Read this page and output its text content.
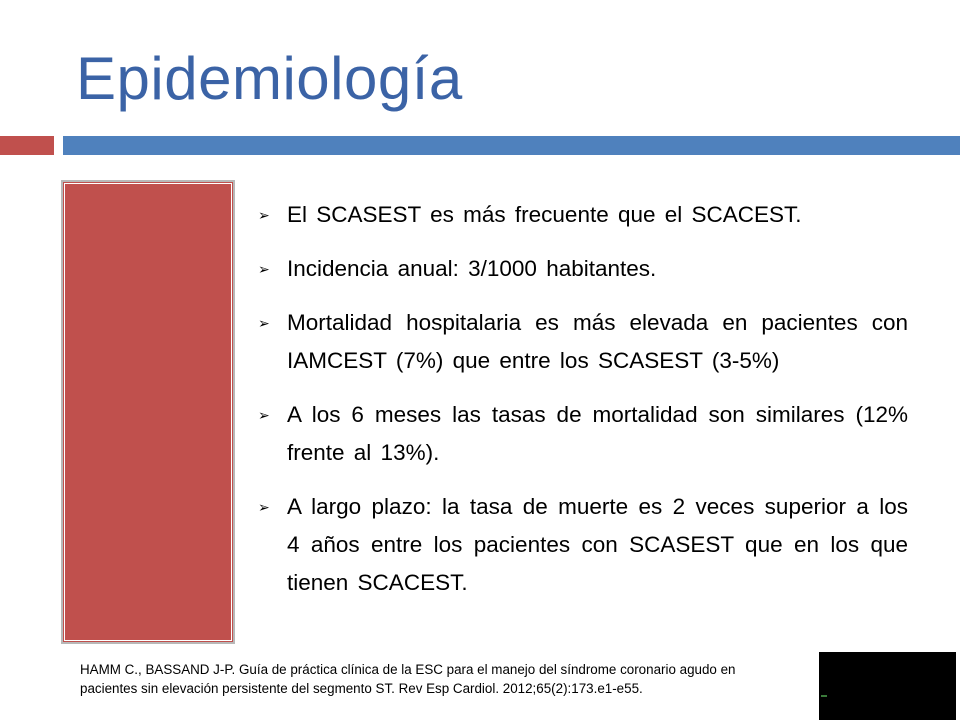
Epidemiología
➢ El SCASEST es más frecuente que el SCACEST.
➢ Incidencia anual: 3/1000 habitantes.
➢ Mortalidad hospitalaria es más elevada en pacientes con IAMCEST (7%) que entre los SCASEST (3-5%)
➢ A los 6 meses las tasas de mortalidad son similares (12% frente al 13%).
➢ A largo plazo: la tasa de muerte es 2 veces superior a los 4 años entre los pacientes con SCASEST que en los que tienen SCACEST.
HAMM C., BASSAND J-P. Guía de práctica clínica de la ESC para el manejo del síndrome coronario agudo en pacientes sin elevación persistente del segmento ST. Rev Esp Cardiol. 2012;65(2):173.e1-e55.
